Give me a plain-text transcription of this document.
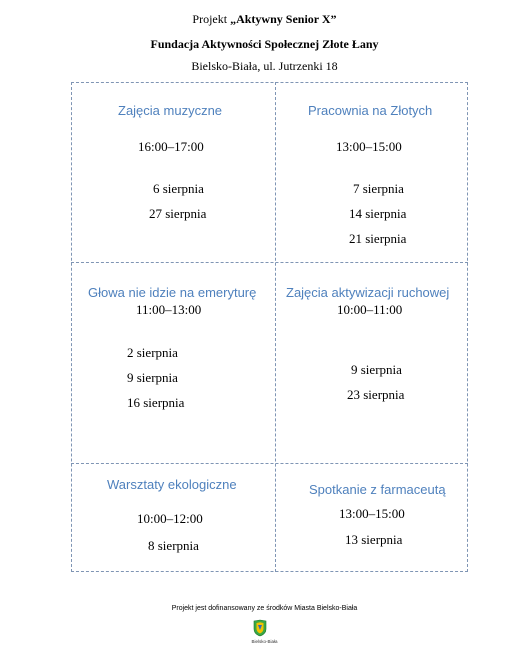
Projekt „Aktywny Senior X”
Fundacja Aktywności Społecznej Złote Łany
Bielsko-Biała, ul. Jutrzenki 18
Zajęcia muzyczne
16:00–17:00
6 sierpnia
27 sierpnia
Pracownia na Złotych
13:00–15:00
7 sierpnia
14 sierpnia
21 sierpnia
Głowa nie idzie na emeryturę
11:00–13:00
2 sierpnia
9 sierpnia
16 sierpnia
Zajęcia aktywizacji ruchowej
10:00–11:00
9 sierpnia
23 sierpnia
Warsztaty ekologiczne
10:00–12:00
8 sierpnia
Spotkanie z farmaceutą
13:00–15:00
13 sierpnia
Projekt jest dofinansowany ze środków Miasta Bielsko-Biała
Bielsko-Biała
